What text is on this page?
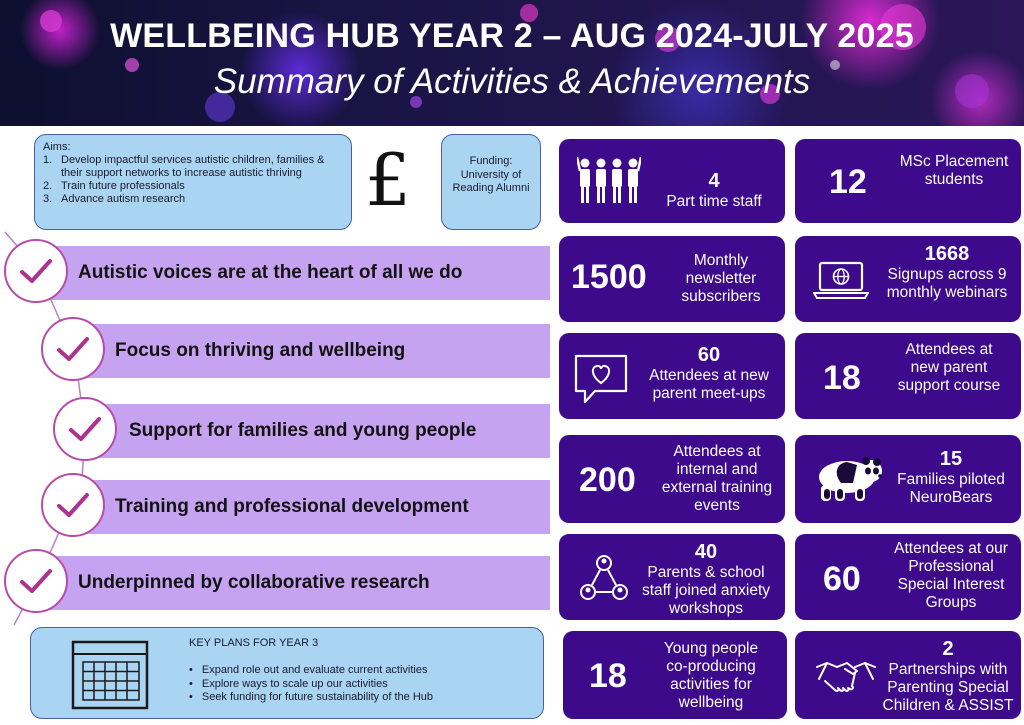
WELLBEING HUB YEAR 2 – AUG 2024-JULY 2025
Summary of Activities & Achievements
Aims:
1. Develop impactful services autistic children, families & their support networks to increase autistic thriving
2. Train future professionals
3. Advance autism research £	Funding:
University of Reading Alumni
Autistic voices are at the heart of all we do
Focus on thriving and wellbeing
Support for families and young people
Training and professional development
Underpinned by collaborative research
KEY PLANS FOR YEAR 3
• Expand role out and evaluate current activities
• Explore ways to scale up our activities
• Seek funding for future sustainability of the Hub
4
Part time staff
1500	Monthly newsletter subscribers
60
Attendees at new parent meet-ups
200
Attendees at internal and external training events
40
Parents & school staff joined anxiety workshops
18
Young people co-producing activities for wellbeing
12
MSc Placement students
1668
Signups across 9 monthly webinars
18
Attendees at new parent support course
15
Families piloted NeuroBears
60
Attendees at our Professional Special Interest Groups
2
Partnerships with Parenting Special Children & ASSIST
